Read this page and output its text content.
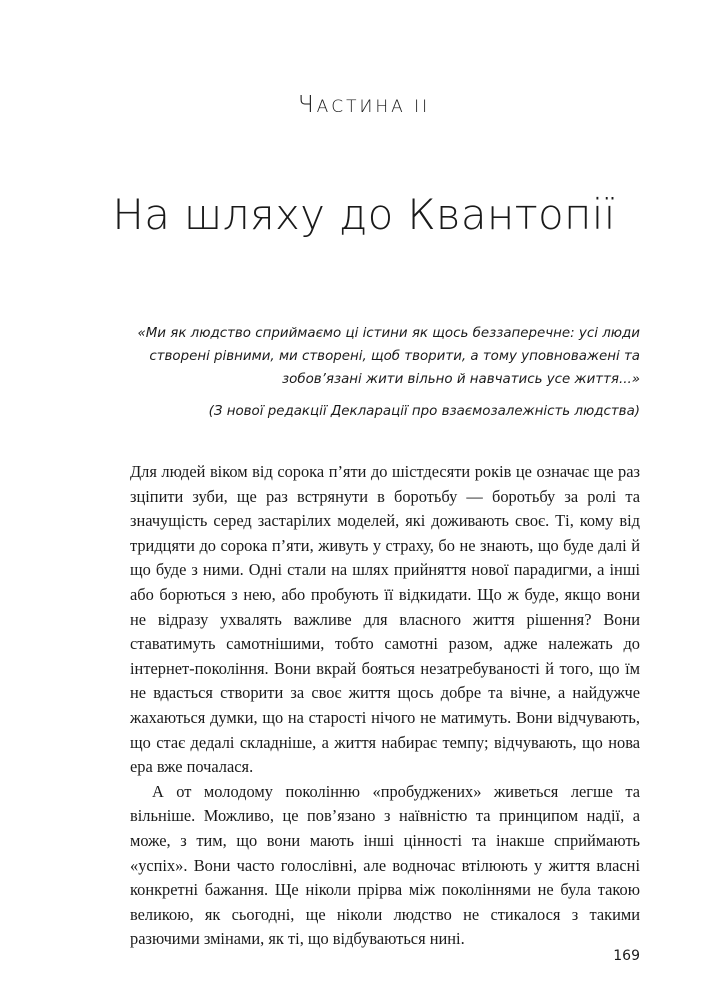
ЧАСТИНА II
На шляху до Квантопії
«Ми як людство сприймаємо ці істини як щось беззаперечне: усі люди створені рівними, ми створені, щоб творити, а тому уповноважені та зобов’язані жити вільно й навчатись усе життя...»
(З нової редакції Декларації про взаємозалежність людства)

Для людей віком від сорока п’яти до шістдесяти років це означає ще раз зціпити зуби, ще раз встрянути в боротьбу — боротьбу за ролі та значущість серед застарілих моделей, які доживають своє. Ті, кому від тридцяти до сорока п’яти, живуть у страху, бо не знають, що буде далі й що буде з ними. Одні стали на шлях прийняття нової парадигми, а інші або борються з нею, або пробують її відкидати. Що ж буде, якщо вони не відразу ухвалять важливе для власного життя рішення? Вони ставатимуть самотнішими, тобто самотні разом, адже належать до інтернет-покоління. Вони вкрай бояться незатребуваності й того, що їм не вдасться створити за своє життя щось добре та вічне, а найдужче жахаються думки, що на старості нічого не матимуть. Вони відчувають, що стає дедалі складніше, а життя набирає темпу; відчувають, що нова ера вже почалася.

А от молодому поколінню «пробуджених» живеться легше та вільніше. Можливо, це пов’язано з наївністю та принципом надії, а може, з тим, що вони мають інші цінності та інакше сприймають «успіх». Вони часто голослівні, але водночас втілюють у життя власні конкретні бажання. Ще ніколи прірва між поколіннями не була такою великою, як сьогодні, ще ніколи людство не стикалося з такими разючими змінами, як ті, що відбуваються нині.

169
